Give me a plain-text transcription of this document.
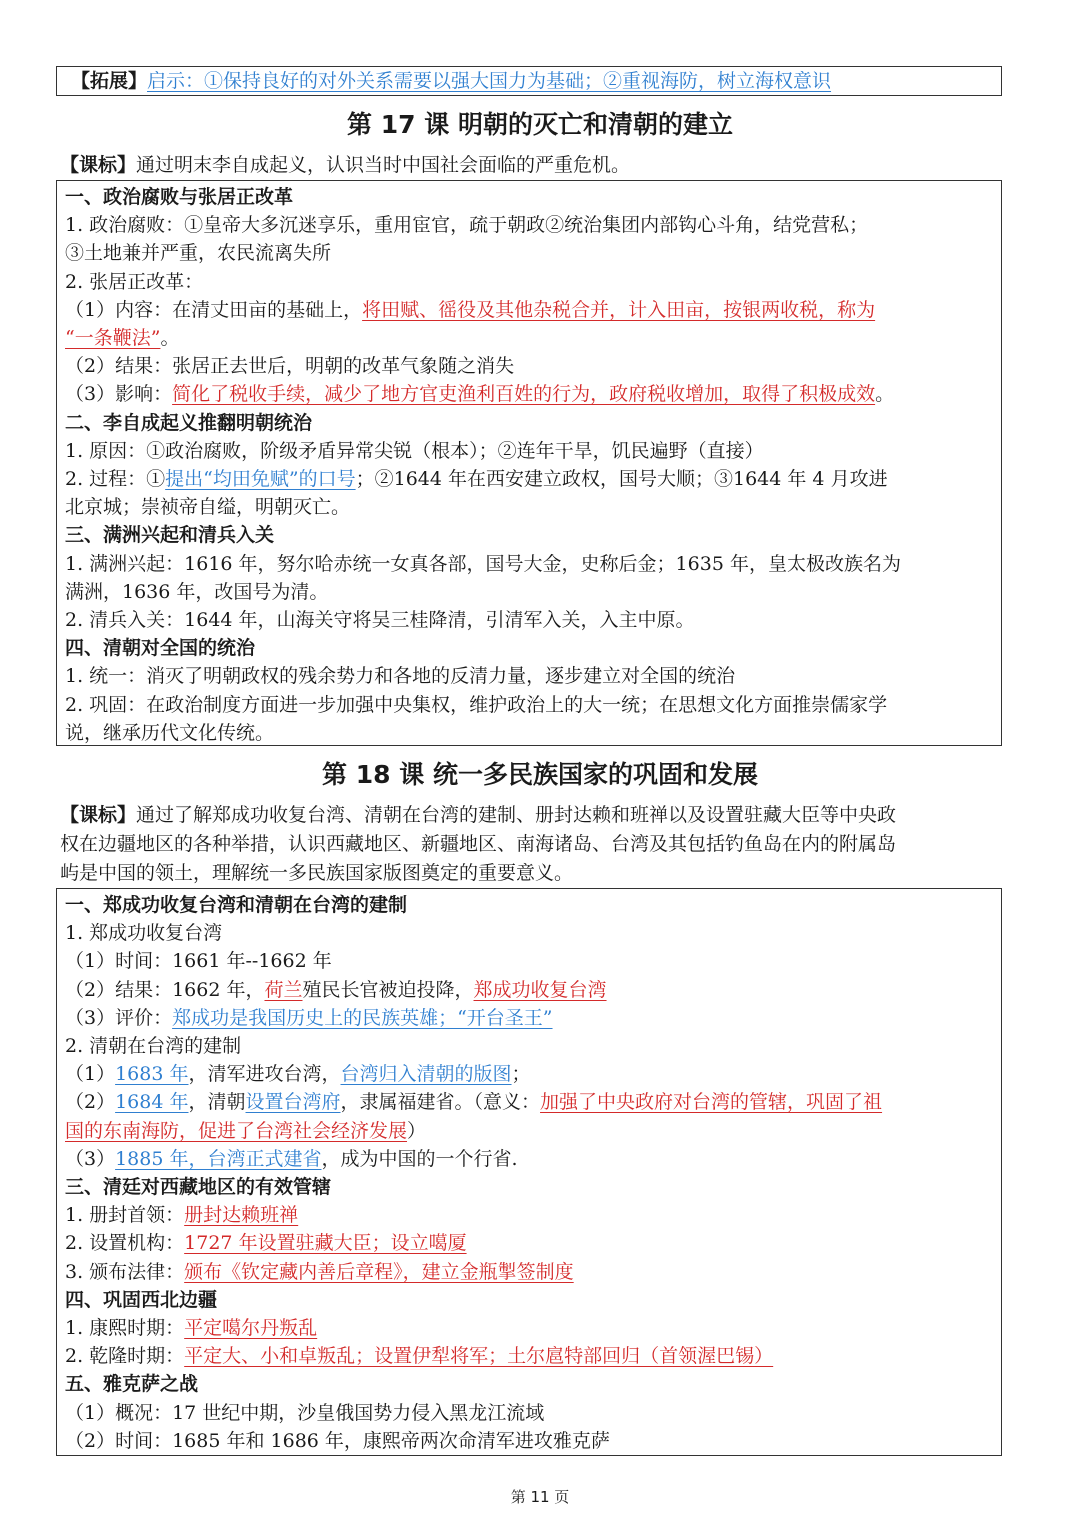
【拓展】启示：①保持良好的对外关系需要以强大国力为基础；②重视海防，树立海权意识
第 17 课 明朝的灭亡和清朝的建立
【课标】通过明末李自成起义，认识当时中国社会面临的严重危机。
一、政治腐败与张居正改革
1. 政治腐败：①皇帝大多沉迷享乐，重用宦官，疏于朝政②统治集团内部钩心斗角，结党营私；
③土地兼并严重，农民流离失所
2. 张居正改革：
（1）内容：在清丈田亩的基础上，将田赋、徭役及其他杂税合并，计入田亩，按银两收税，称为
“一条鞭法”。
（2）结果：张居正去世后，明朝的改革气象随之消失
（3）影响：简化了税收手续，减少了地方官吏渔利百姓的行为，政府税收增加，取得了积极成效。
二、李自成起义推翻明朝统治
1. 原因：①政治腐败，阶级矛盾异常尖锐（根本）；②连年干旱，饥民遍野（直接）
2. 过程：①提出“均田免赋”的口号；②1644 年在西安建立政权，国号大顺；③1644 年 4 月攻进
北京城；崇祯帝自缢，明朝灭亡。
三、满洲兴起和清兵入关
1. 满洲兴起：1616 年，努尔哈赤统一女真各部，国号大金，史称后金；1635 年，皇太极改族名为
满洲，1636 年，改国号为清。
2. 清兵入关：1644 年，山海关守将吴三桂降清，引清军入关，入主中原。
四、清朝对全国的统治
1. 统一：消灭了明朝政权的残余势力和各地的反清力量，逐步建立对全国的统治
2. 巩固：在政治制度方面进一步加强中央集权，维护政治上的大一统；在思想文化方面推崇儒家学
说，继承历代文化传统。
第 18 课 统一多民族国家的巩固和发展
【课标】通过了解郑成功收复台湾、清朝在台湾的建制、册封达赖和班禅以及设置驻藏大臣等中央政
权在边疆地区的各种举措，认识西藏地区、新疆地区、南海诸岛、台湾及其包括钓鱼岛在内的附属岛
屿是中国的领土，理解统一多民族国家版图奠定的重要意义。
一、郑成功收复台湾和清朝在台湾的建制
1. 郑成功收复台湾
（1）时间：1661 年--1662 年
（2）结果：1662 年，荷兰殖民长官被迫投降，郑成功收复台湾
（3）评价：郑成功是我国历史上的民族英雄；“开台圣王”
2. 清朝在台湾的建制
（1）1683 年，清军进攻台湾，台湾归入清朝的版图；
（2）1684 年，清朝设置台湾府，隶属福建省。（意义：加强了中央政府对台湾的管辖，巩固了祖
国的东南海防，促进了台湾社会经济发展）
（3）1885 年，台湾正式建省，成为中国的一个行省.
三、清廷对西藏地区的有效管辖
1. 册封首领：册封达赖班禅
2. 设置机构：1727 年设置驻藏大臣；设立噶厦
3. 颁布法律：颁布《钦定藏内善后章程》，建立金瓶掣签制度
四、巩固西北边疆
1. 康熙时期：平定噶尔丹叛乱
2. 乾隆时期：平定大、小和卓叛乱；设置伊犁将军；土尔扈特部回归（首领渥巴锡）
五、雅克萨之战
（1）概况：17 世纪中期，沙皇俄国势力侵入黑龙江流域
（2）时间：1685 年和 1686 年，康熙帝两次命清军进攻雅克萨
第 11 页
